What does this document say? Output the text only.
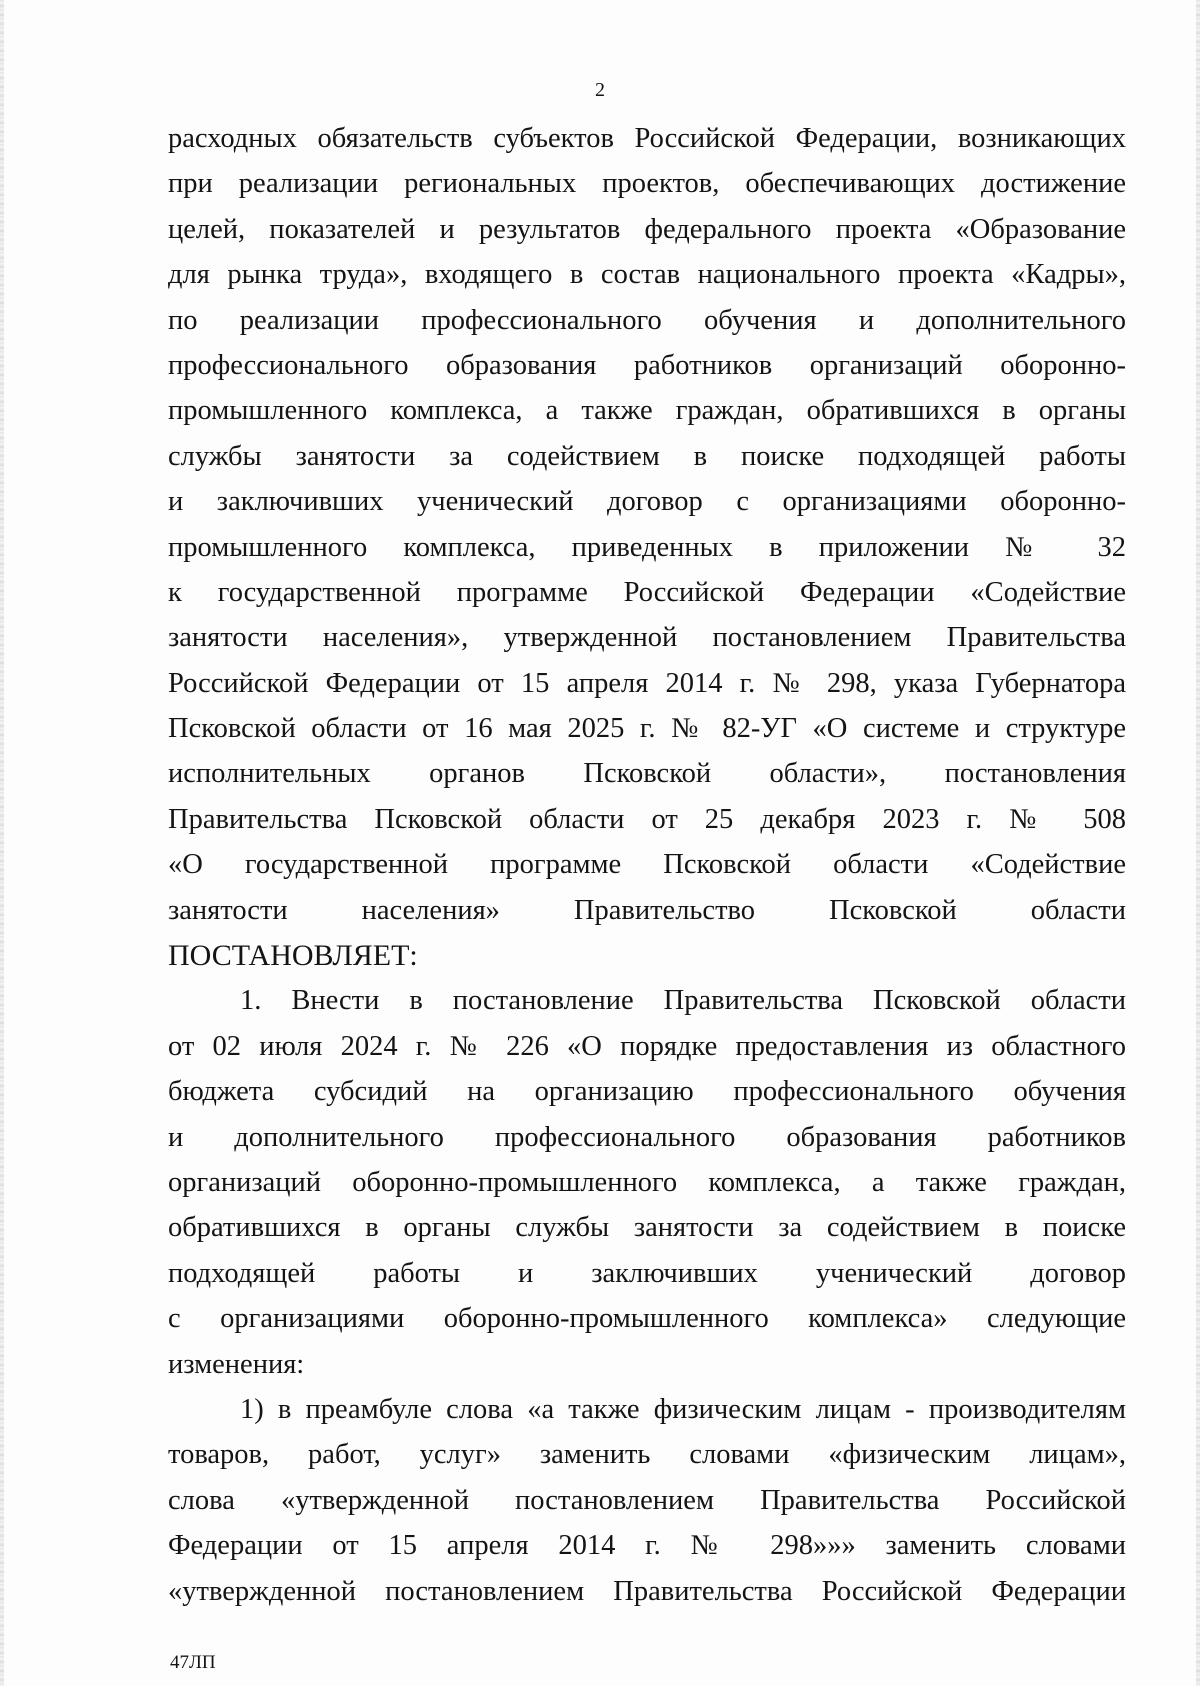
2
расходных обязательств субъектов Российской Федерации, возникающих
при реализации региональных проектов, обеспечивающих достижение
целей, показателей и результатов федерального проекта «Образование
для рынка труда», входящего в состав национального проекта «Кадры»,
по реализации профессионального обучения и дополнительного
профессионального образования работников организаций оборонно-
промышленного комплекса, а также граждан, обратившихся в органы
службы занятости за содействием в поиске подходящей работы
и заключивших ученический договор с организациями оборонно-
промышленного комплекса, приведенных в приложении № 32
к государственной программе Российской Федерации «Содействие
занятости населения», утвержденной постановлением Правительства
Российской Федерации от 15 апреля 2014 г. № 298, указа Губернатора
Псковской области от 16 мая 2025 г. № 82-УГ «О системе и структуре
исполнительных органов Псковской области», постановления
Правительства Псковской области от 25 декабря 2023 г. № 508
«О государственной программе Псковской области «Содействие
занятости населения» Правительство Псковской области
ПОСТАНОВЛЯЕТ:
1. Внести в постановление Правительства Псковской области
от 02 июля 2024 г. № 226 «О порядке предоставления из областного
бюджета субсидий на организацию профессионального обучения
и дополнительного профессионального образования работников
организаций оборонно-промышленного комплекса, а также граждан,
обратившихся в органы службы занятости за содействием в поиске
подходящей работы и заключивших ученический договор
с организациями оборонно-промышленного комплекса» следующие
изменения:
1) в преамбуле слова «а также физическим лицам - производителям
товаров, работ, услуг» заменить словами «физическим лицам»,
слова «утвержденной постановлением Правительства Российской
Федерации от 15 апреля 2014 г. № 298»»» заменить словами
«утвержденной постановлением Правительства Российской Федерации
47ЛП
